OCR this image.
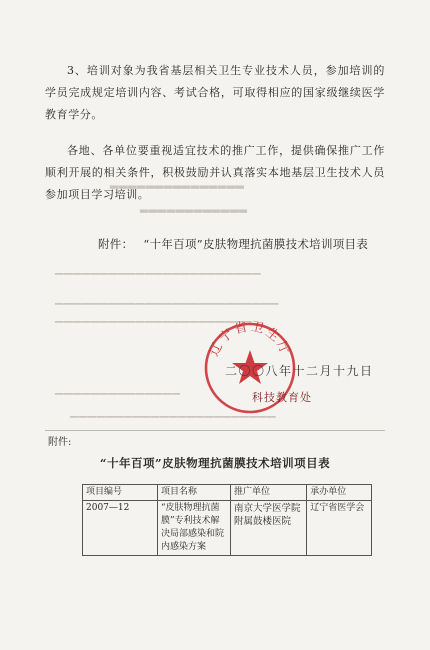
▂▂▂▂▂▂▂▂▂▂▂▂▂▂▂
▂▂▂▂▂▂▂▂▂▂▂▂
▁▁▁▁▁▁▁▁▁▁▁▁▁▁▁▁▁▁▁▁▁▁▁
▁▁▁▁▁▁▁▁▁▁▁▁▁▁▁▁▁▁▁▁▁▁▁▁▁
▁▁▁▁▁▁▁▁▁▁▁▁▁▁▁▁▁▁▁▁▁▁
▁▁▁▁▁▁▁▁▁▁▁▁▁▁
▁▁▁▁▁▁▁▁▁▁▁▁▁▁▁▁▁▁▁▁▁▁▁

3、培训对象为我省基层相关卫生专业技术人员，参加培训的学员完成规定培训内容、考试合格，可取得相应的国家级继续医学教育学分。

各地、各单位要重视适宜技术的推广工作，提供确保推广工作顺利开展的相关条件，积极鼓励并认真落实本地基层卫生技术人员参加项目学习培训。

附件： “十年百项”皮肤物理抗菌膜技术培训项目表
辽宁省卫生厅
二〇〇八年十二月十九日
科技教育处
附件:
“十年百项”皮肤物理抗菌膜技术培训项目表
项目编号	项目名称	推广单位	承办单位
2007—12	“皮肤物理抗菌膜”专利技术解决局部感染和院内感染方案	南京大学医学院附属鼓楼医院	辽宁省医学会
